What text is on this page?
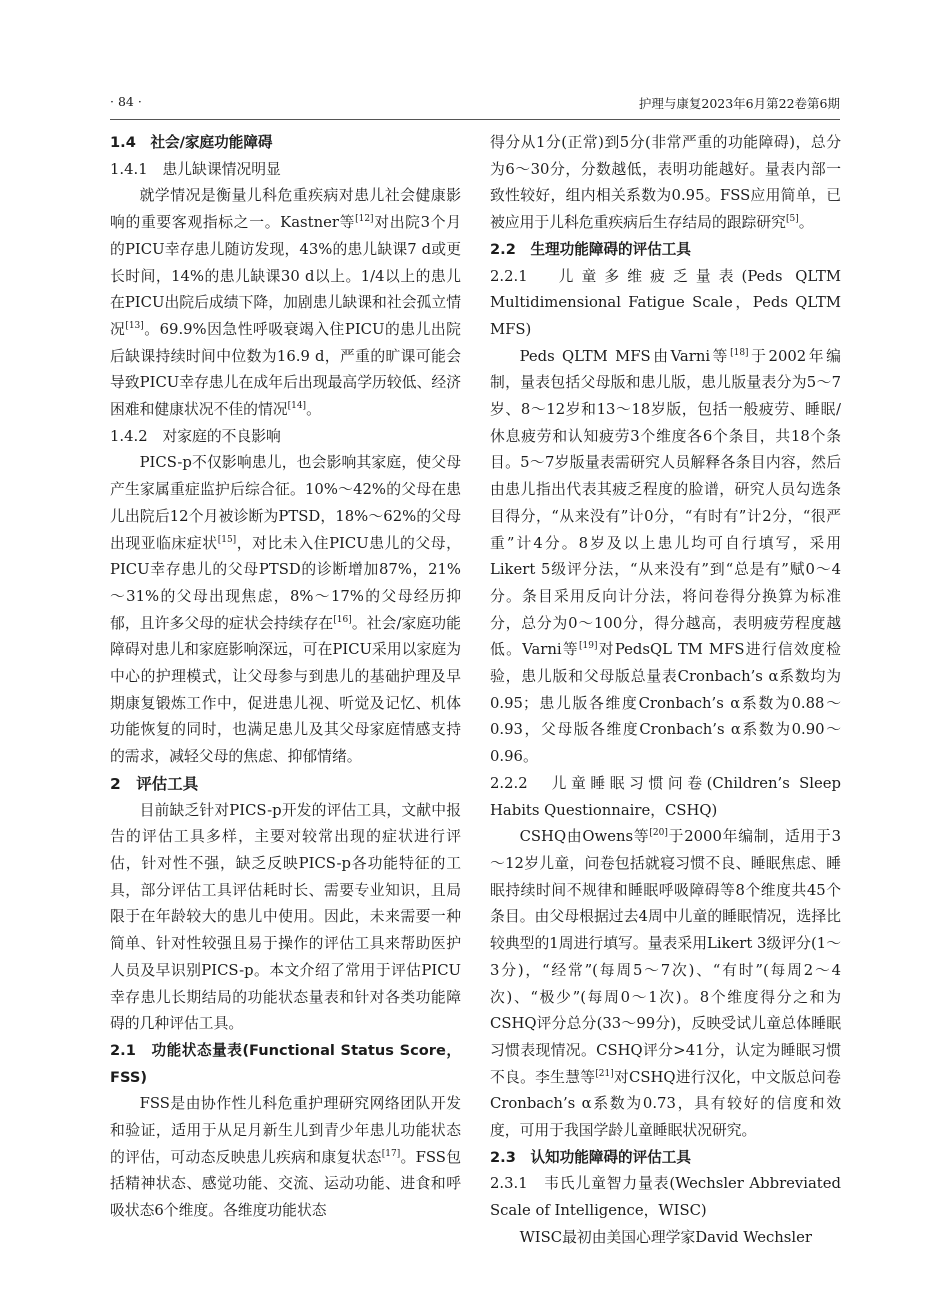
· 84 ·	护理与康复2023年6月第22卷第6期

1.4　社会/家庭功能障碍

1.4.1　患儿缺课情况明显

就学情况是衡量儿科危重疾病对患儿社会健康影响的重要客观指标之一。Kastner等[12]对出院3个月的PICU幸存患儿随访发现，43%的患儿缺课7 d或更长时间，14%的患儿缺课30 d以上。1/4以上的患儿在PICU出院后成绩下降，加剧患儿缺课和社会孤立情况[13]。69.9%因急性呼吸衰竭入住PICU的患儿出院后缺课持续时间中位数为16.9 d，严重的旷课可能会导致PICU幸存患儿在成年后出现最高学历较低、经济困难和健康状况不佳的情况[14]。

1.4.2　对家庭的不良影响

PICS-p不仅影响患儿，也会影响其家庭，使父母产生家属重症监护后综合征。10%～42%的父母在患儿出院后12个月被诊断为PTSD，18%～62%的父母出现亚临床症状[15]，对比未入住PICU患儿的父母，PICU幸存患儿的父母PTSD的诊断增加87%，21%～31%的父母出现焦虑，8%～17%的父母经历抑郁，且许多父母的症状会持续存在[16]。社会/家庭功能障碍对患儿和家庭影响深远，可在PICU采用以家庭为中心的护理模式，让父母参与到患儿的基础护理及早期康复锻炼工作中，促进患儿视、听觉及记忆、机体功能恢复的同时，也满足患儿及其父母家庭情感支持的需求，减轻父母的焦虑、抑郁情绪。

2　评估工具

目前缺乏针对PICS-p开发的评估工具，文献中报告的评估工具多样，主要对较常出现的症状进行评估，针对性不强，缺乏反映PICS-p各功能特征的工具，部分评估工具评估耗时长、需要专业知识，且局限于在年龄较大的患儿中使用。因此，未来需要一种简单、针对性较强且易于操作的评估工具来帮助医护人员及早识别PICS-p。本文介绍了常用于评估PICU幸存患儿长期结局的功能状态量表和针对各类功能障碍的几种评估工具。

2.1　功能状态量表(Functional Status Score，FSS)

FSS是由协作性儿科危重护理研究网络团队开发和验证，适用于从足月新生儿到青少年患儿功能状态的评估，可动态反映患儿疾病和康复状态[17]。FSS包括精神状态、感觉功能、交流、运动功能、进食和呼吸状态6个维度。各维度功能状态

得分从1分(正常)到5分(非常严重的功能障碍)，总分为6～30分，分数越低，表明功能越好。量表内部一致性较好，组内相关系数为0.95。FSS应用简单，已被应用于儿科危重疾病后生存结局的跟踪研究[5]。

2.2　生理功能障碍的评估工具

2.2.1　儿童多维疲乏量表(Peds QLTM Multidimensional Fatigue Scale，Peds QLTM MFS)

Peds QLTM MFS由Varni等[18]于2002年编制，量表包括父母版和患儿版，患儿版量表分为5～7岁、8～12岁和13～18岁版，包括一般疲劳、睡眠/休息疲劳和认知疲劳3个维度各6个条目，共18个条目。5～7岁版量表需研究人员解释各条目内容，然后由患儿指出代表其疲乏程度的脸谱，研究人员勾选条目得分，“从来没有”计0分，“有时有”计2分，“很严重”计4分。8岁及以上患儿均可自行填写，采用Likert 5级评分法，“从来没有”到“总是有”赋0～4分。条目采用反向计分法，将问卷得分换算为标准分，总分为0～100分，得分越高，表明疲劳程度越低。Varni等[19]对PedsQL TM MFS进行信效度检验，患儿版和父母版总量表Cronbach’s α系数均为0.95；患儿版各维度Cronbach’s α系数为0.88～0.93，父母版各维度Cronbach’s α系数为0.90～0.96。

2.2.2　儿童睡眠习惯问卷(Children’s Sleep Habits Questionnaire，CSHQ)

CSHQ由Owens等[20]于2000年编制，适用于3～12岁儿童，问卷包括就寝习惯不良、睡眠焦虑、睡眠持续时间不规律和睡眠呼吸障碍等8个维度共45个条目。由父母根据过去4周中儿童的睡眠情况，选择比较典型的1周进行填写。量表采用Likert 3级评分(1～3分)，“经常”(每周5～7次)、“有时”(每周2～4次)、“极少”(每周0～1次)。8个维度得分之和为CSHQ评分总分(33～99分)，反映受试儿童总体睡眠习惯表现情况。CSHQ评分>41分，认定为睡眠习惯不良。李生慧等[21]对CSHQ进行汉化，中文版总问卷Cronbach’s α系数为0.73，具有较好的信度和效度，可用于我国学龄儿童睡眠状况研究。

2.3　认知功能障碍的评估工具

2.3.1　韦氏儿童智力量表(Wechsler Abbreviated Scale of Intelligence，WISC)

WISC最初由美国心理学家David Wechsler
